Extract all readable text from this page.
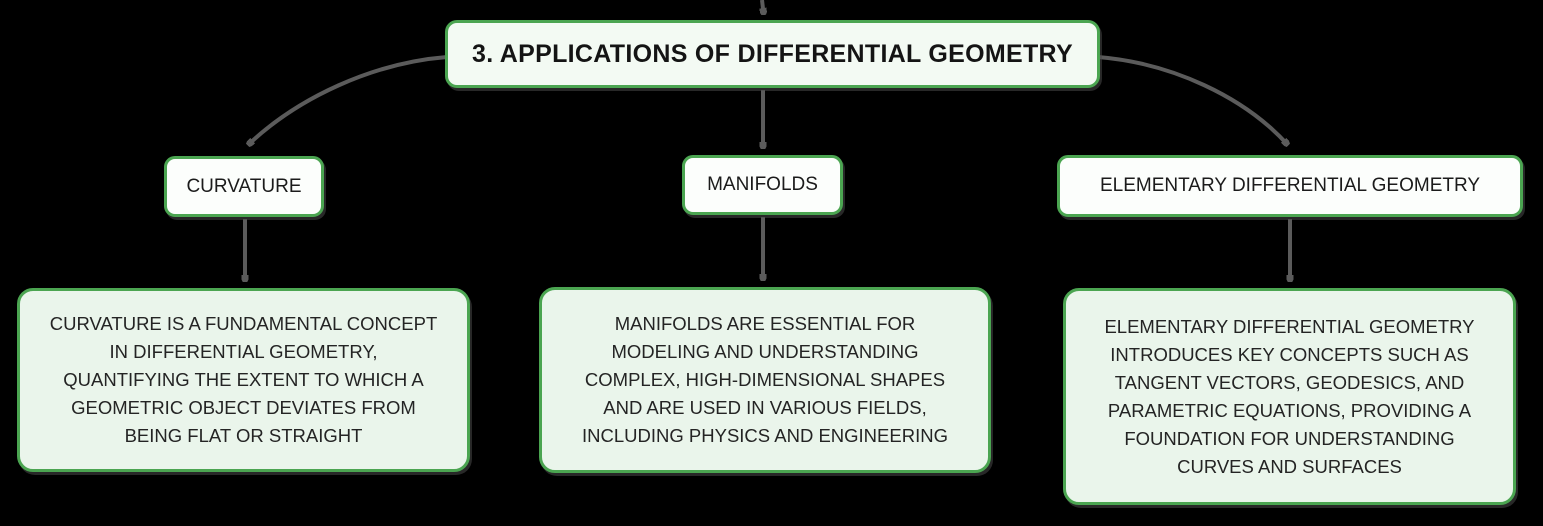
3. APPLICATIONS OF DIFFERENTIAL GEOMETRY
CURVATURE	MANIFOLDS	ELEMENTARY DIFFERENTIAL GEOMETRY
CURVATURE IS A FUNDAMENTAL CONCEPT IN DIFFERENTIAL GEOMETRY, QUANTIFYING THE EXTENT TO WHICH A GEOMETRIC OBJECT DEVIATES FROM BEING FLAT OR STRAIGHT
MANIFOLDS ARE ESSENTIAL FOR MODELING AND UNDERSTANDING COMPLEX, HIGH-DIMENSIONAL SHAPES AND ARE USED IN VARIOUS FIELDS, INCLUDING PHYSICS AND ENGINEERING
ELEMENTARY DIFFERENTIAL GEOMETRY INTRODUCES KEY CONCEPTS SUCH AS TANGENT VECTORS, GEODESICS, AND PARAMETRIC EQUATIONS, PROVIDING A FOUNDATION FOR UNDERSTANDING CURVES AND SURFACES
